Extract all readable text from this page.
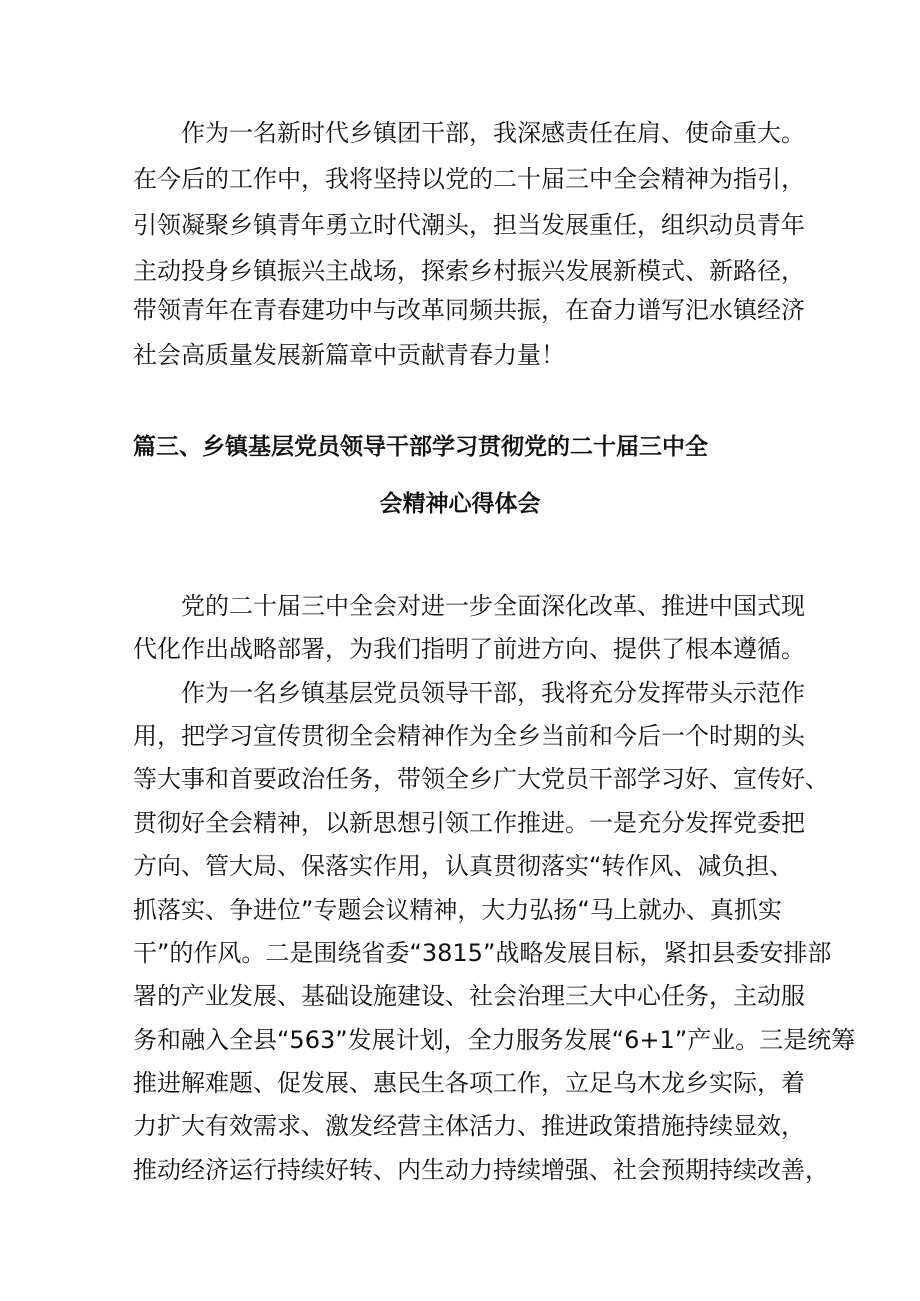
作为一名新时代乡镇团干部，我深感责任在肩、使命重大。
在今后的工作中，我将坚持以党的二十届三中全会精神为指引，
引领凝聚乡镇青年勇立时代潮头，担当发展重任，组织动员青年
主动投身乡镇振兴主战场，探索乡村振兴发展新模式、新路径，
带领青年在青春建功中与改革同频共振，在奋力谱写汜水镇经济
社会高质量发展新篇章中贡献青春力量！
篇三、乡镇基层党员领导干部学习贯彻党的二十届三中全
会精神心得体会
党的二十届三中全会对进一步全面深化改革、推进中国式现
代化作出战略部署，为我们指明了前进方向、提供了根本遵循。
作为一名乡镇基层党员领导干部，我将充分发挥带头示范作
用，把学习宣传贯彻全会精神作为全乡当前和今后一个时期的头
等大事和首要政治任务，带领全乡广大党员干部学习好、宣传好、
贯彻好全会精神，以新思想引领工作推进。一是充分发挥党委把
方向、管大局、保落实作用，认真贯彻落实“转作风、减负担、
抓落实、争进位”专题会议精神，大力弘扬“马上就办、真抓实
干”的作风。二是围绕省委“3815”战略发展目标，紧扣县委安排部
署的产业发展、基础设施建设、社会治理三大中心任务，主动服
务和融入全县“563”发展计划，全力服务发展“6+1”产业。三是统筹
推进解难题、促发展、惠民生各项工作，立足乌木龙乡实际，着
力扩大有效需求、激发经营主体活力、推进政策措施持续显效，
推动经济运行持续好转、内生动力持续增强、社会预期持续改善，
